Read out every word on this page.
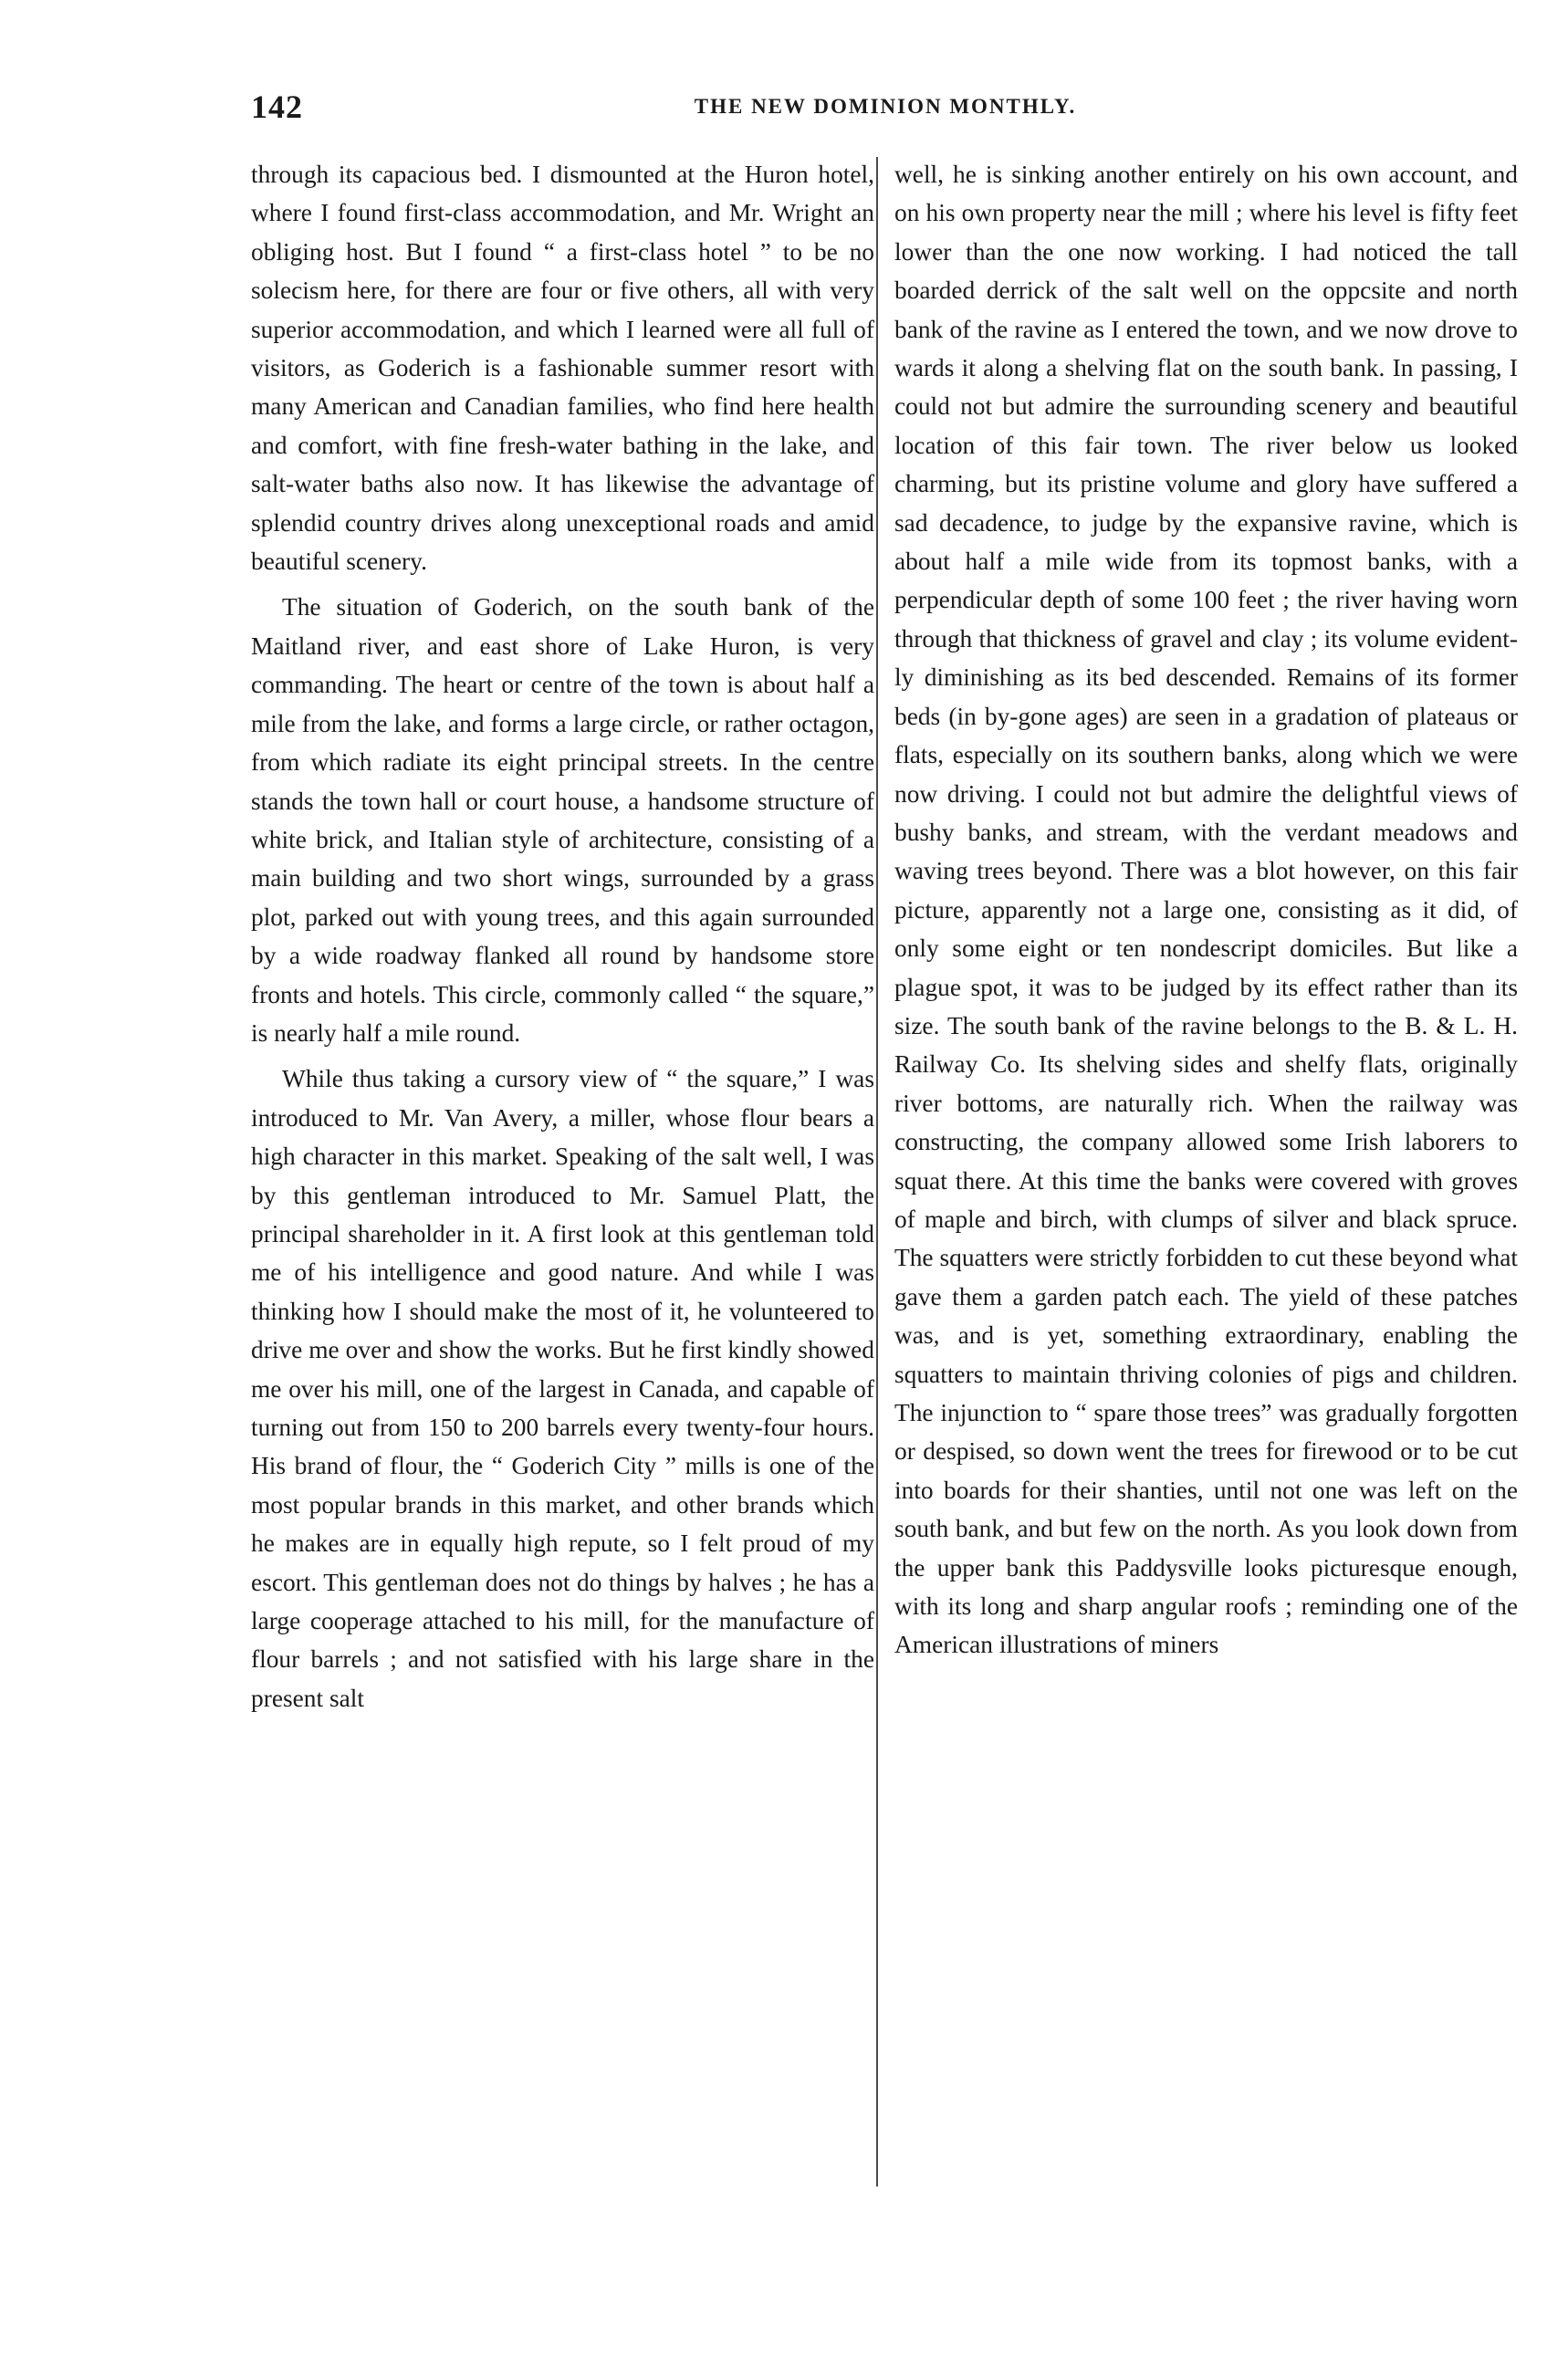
142	THE NEW DOMINION MONTHLY.

through its capacious bed. I dismounted at the Huron hotel, where I found first-class accommodation, and Mr. Wright an obliging host. But I found “ a first-class hotel ” to be no solecism here, for there are four or five others, all with very superior accommodation, and which I learned were all full of visitors, as Goderich is a fashionable summer resort with many American and Canadian families, who find here health and comfort, with fine fresh-water bathing in the lake, and salt-water baths also now. It has likewise the advantage of splendid country drives along unexceptional roads and amid beautiful scenery.

The situation of Goderich, on the south bank of the Maitland river, and east shore of Lake Huron, is very commanding. The heart or centre of the town is about half a mile from the lake, and forms a large circle, or rather octagon, from which radiate its eight principal streets. In the centre stands the town hall or court house, a handsome structure of white brick, and Italian style of architecture, consisting of a main building and two short wings, surrounded by a grass plot, parked out with young trees, and this again surrounded by a wide roadway flanked all round by handsome store fronts and hotels. This circle, commonly called “ the square,” is nearly half a mile round.

While thus taking a cursory view of “ the square,” I was introduced to Mr. Van Avery, a miller, whose flour bears a high character in this market. Speaking of the salt well, I was by this gentleman introduced to Mr. Samuel Platt, the principal shareholder in it. A first look at this gentleman told me of his intelligence and good nature. And while I was thinking how I should make the most of it, he volunteered to drive me over and show the works. But he first kindly showed me over his mill, one of the largest in Canada, and capable of turning out from 150 to 200 barrels every twenty-four hours. His brand of flour, the “ Goderich City ” mills is one of the most popular brands in this market, and other brands which he makes are in equally high repute, so I felt proud of my escort. This gentleman does not do things by halves ; he has a large cooperage attached to his mill, for the manufacture of flour barrels ; and not satisfied with his large share in the present salt

well, he is sinking another entirely on his own account, and on his own property near the mill ; where his level is fifty feet lower than the one now working. I had noticed the tall boarded derrick of the salt well on the oppcsite and north bank of the ravine as I entered the town, and we now drove to wards it along a shelving flat on the south bank. In passing, I could not but admire the surrounding scenery and beautiful location of this fair town. The river below us looked charming, but its pristine volume and glory have suffered a sad decadence, to judge by the expansive ravine, which is about half a mile wide from its topmost banks, with a perpendicular depth of some 100 feet ; the river having worn through that thickness of gravel and clay ; its volume evidently diminishing as its bed descended. Remains of its former beds (in by-gone ages) are seen in a gradation of plateaus or flats, especially on its southern banks, along which we were now driving. I could not but admire the delightful views of bushy banks, and stream, with the verdant meadows and waving trees beyond. There was a blot however, on this fair picture, apparently not a large one, consisting as it did, of only some eight or ten nondescript domiciles. But like a plague spot, it was to be judged by its effect rather than its size. The south bank of the ravine belongs to the B. & L. H. Railway Co. Its shelving sides and shelfy flats, originally river bottoms, are naturally rich. When the railway was constructing, the company allowed some Irish laborers to squat there. At this time the banks were covered with groves of maple and birch, with clumps of silver and black spruce. The squatters were strictly forbidden to cut these beyond what gave them a garden patch each. The yield of these patches was, and is yet, something extraordinary, enabling the squatters to maintain thriving colonies of pigs and children. The injunction to “ spare those trees” was gradually forgotten or despised, so down went the trees for firewood or to be cut into boards for their shanties, until not one was left on the south bank, and but few on the north. As you look down from the upper bank this Paddysville looks picturesque enough, with its long and sharp angular roofs ; reminding one of the American illustrations of miners
